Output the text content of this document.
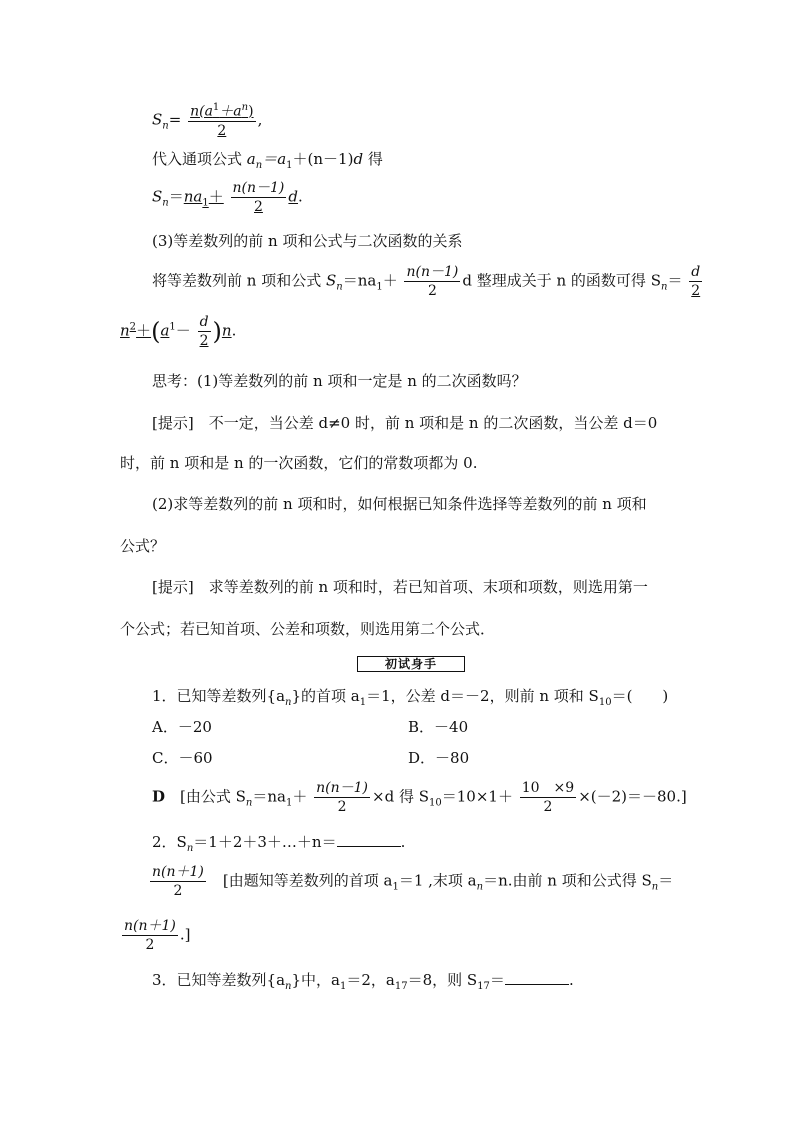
$S_n= \frac{n(a^1+a^n)}{2}$ ,
代入通项公式 $a_n=a_1+(n-1)d$ 得
$S_n=na_1+ \frac{n(n-1)}{2} d$.
(3)等差数列的前 n 项和公式与二次函数的关系
将等差数列前 n 项和公式 $S_n=na_1+ \frac{n(n-1)}{2}$ d 整理成关于 n 的函数可得 $S_n= \frac{d}{2}$
$n^2+(a^1- \frac{d}{2} )n$.
思考：(1)等差数列的前 n 项和一定是 n 的二次函数吗？
[提示]　不一定，当公差 d≠0 时，前 n 项和是 n 的二次函数，当公差 d＝0
时，前 n 项和是 n 的一次函数，它们的常数项都为 0.
(2)求等差数列的前 n 项和时，如何根据已知条件选择等差数列的前 n 项和
公式？
[提示]　求等差数列的前 n 项和时，若已知首项、末项和项数，则选用第一
个公式；若已知首项、公差和项数，则选用第二个公式．
初试身手
1．已知等差数列$\{a_n\}$的首项 $a_1=1$，公差 d＝－2，则前 n 项和 $S_{10}=$(　　)
A．－20	B．－40
C．－60	D．－80
D　[由公式 $S_n=na_1+ \frac{n(n-1)}{2} \times d$ 得 $S_{10}=10\times 1+ \frac{10 \times 9}{2} \times(-2)=-80$.]
2．$S_n=1+2+3+\dots+n=$	.
$\frac{n(n+1)}{2}$ 　[由题知等差数列的首项 $a_1=1$ ,末项 $a_n=n$.由前 n 项和公式得 $S_n=$
$\frac{n(n+1)}{2}$ .]
3．已知等差数列$\{a_n\}$中，$a_1=2$，$a_{17}=8$，则 $S_{17}=$	.
